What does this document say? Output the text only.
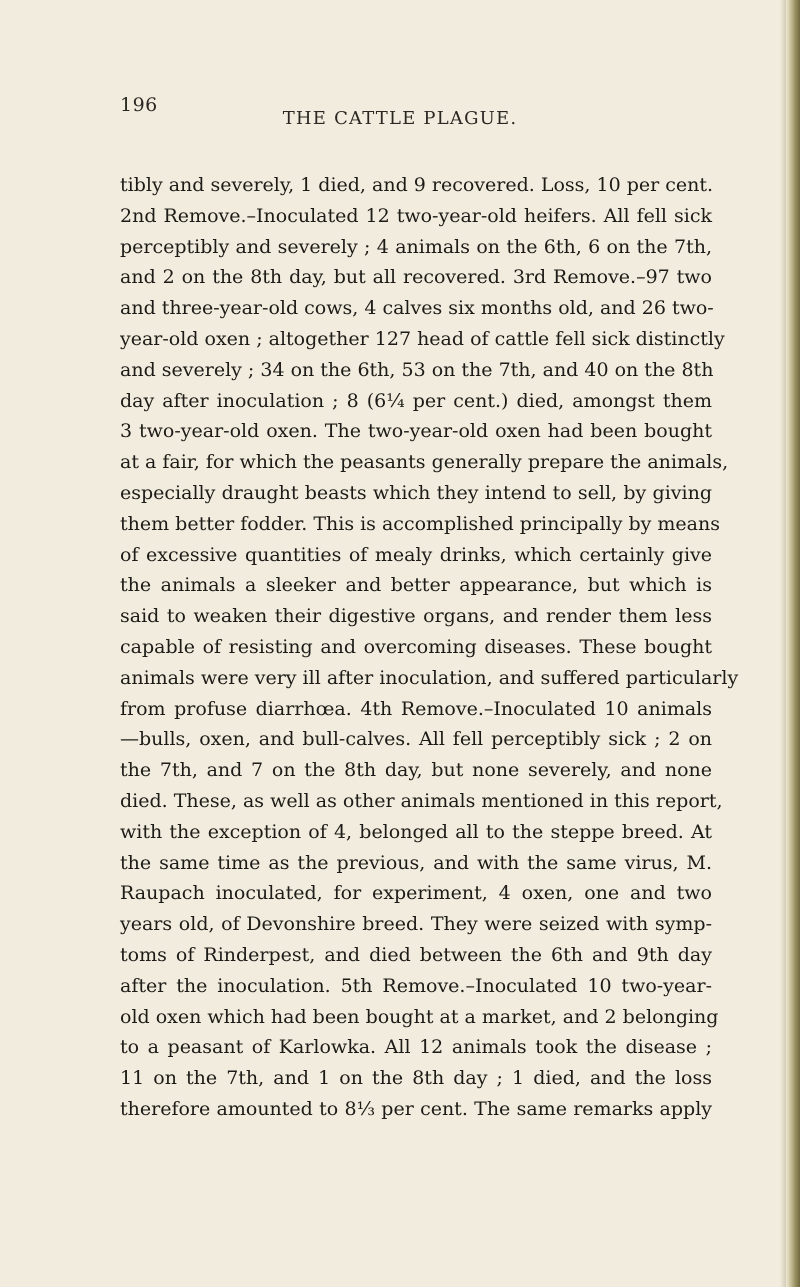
196
THE CATTLE PLAGUE.
tibly and severely, 1 died, and 9 recovered. Loss, 10 per cent.
2nd Remove.–Inoculated 12 two-year-old heifers. All fell sick
perceptibly and severely ; 4 animals on the 6th, 6 on the 7th,
and 2 on the 8th day, but all recovered. 3rd Remove.–97 two
and three-year-old cows, 4 calves six months old, and 26 two-
year-old oxen ; altogether 127 head of cattle fell sick distinctly
and severely ; 34 on the 6th, 53 on the 7th, and 40 on the 8th
day after inoculation ; 8 (6¼ per cent.) died, amongst them
3 two-year-old oxen. The two-year-old oxen had been bought
at a fair, for which the peasants generally prepare the animals,
especially draught beasts which they intend to sell, by giving
them better fodder. This is accomplished principally by means
of excessive quantities of mealy drinks, which certainly give
the animals a sleeker and better appearance, but which is
said to weaken their digestive organs, and render them less
capable of resisting and overcoming diseases. These bought
animals were very ill after inoculation, and suffered particularly
from profuse diarrhœa. 4th Remove.–Inoculated 10 animals
—bulls, oxen, and bull-calves. All fell perceptibly sick ; 2 on
the 7th, and 7 on the 8th day, but none severely, and none
died. These, as well as other animals mentioned in this report,
with the exception of 4, belonged all to the steppe breed. At
the same time as the previous, and with the same virus, M.
Raupach inoculated, for experiment, 4 oxen, one and two
years old, of Devonshire breed. They were seized with symp-
toms of Rinderpest, and died between the 6th and 9th day
after the inoculation. 5th Remove.–Inoculated 10 two-year-
old oxen which had been bought at a market, and 2 belonging
to a peasant of Karlowka. All 12 animals took the disease ;
11 on the 7th, and 1 on the 8th day ; 1 died, and the loss
therefore amounted to 8⅓ per cent. The same remarks apply
